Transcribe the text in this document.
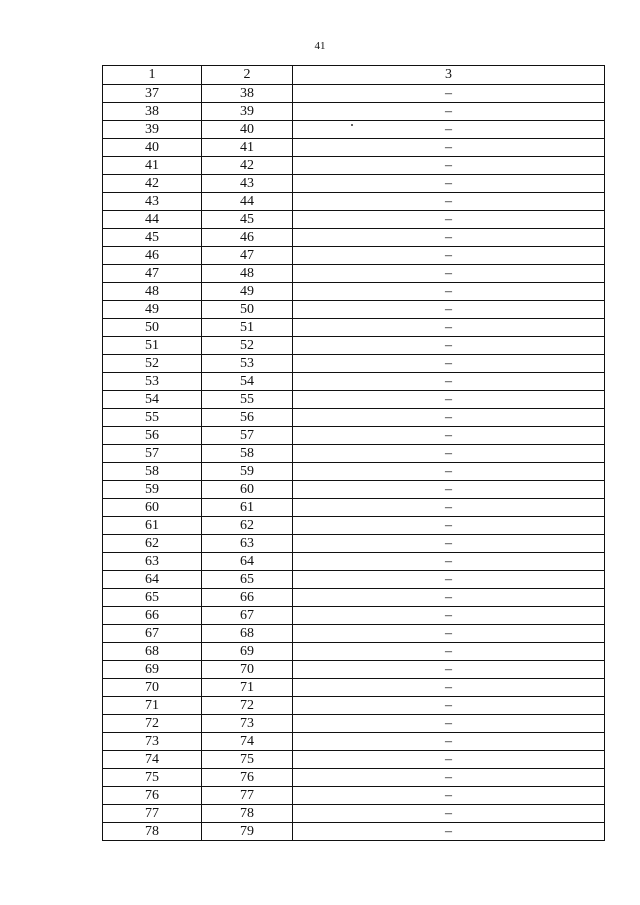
41
1	2	3
37	38	–
38	39	–
39	40	–
40	41	–
41	42	–
42	43	–
43	44	–
44	45	–
45	46	–
46	47	–
47	48	–
48	49	–
49	50	–
50	51	–
51	52	–
52	53	–
53	54	–
54	55	–
55	56	–
56	57	–
57	58	–
58	59	–
59	60	–
60	61	–
61	62	–
62	63	–
63	64	–
64	65	–
65	66	–
66	67	–
67	68	–
68	69	–
69	70	–
70	71	–
71	72	–
72	73	–
73	74	–
74	75	–
75	76	–
76	77	–
77	78	–
78	79	–
